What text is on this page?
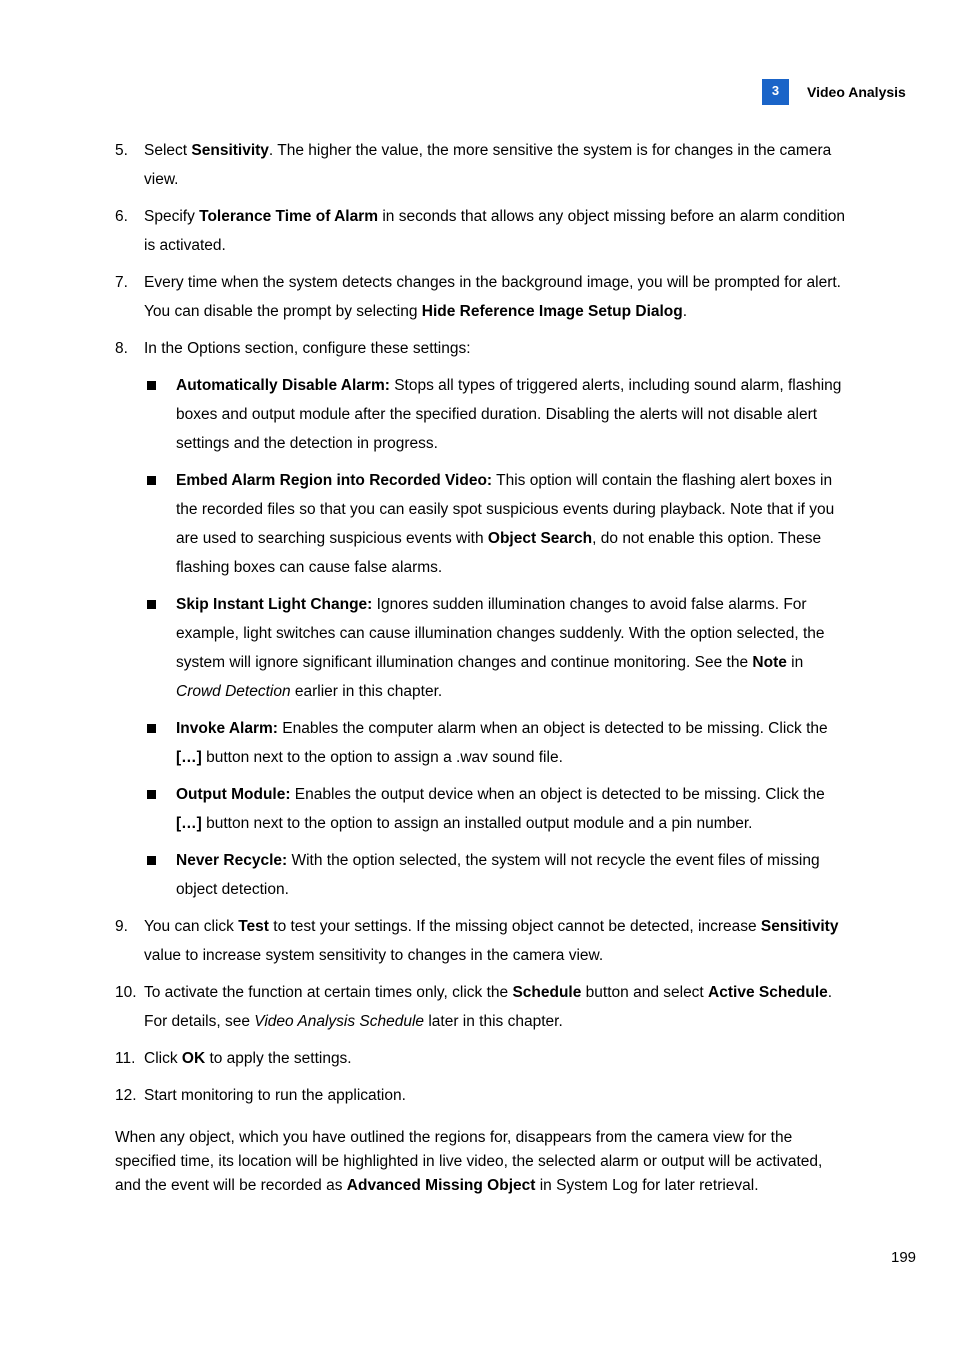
3	Video Analysis
5. Select Sensitivity. The higher the value, the more sensitive the system is for changes in the camera view.
6. Specify Tolerance Time of Alarm in seconds that allows any object missing before an alarm condition is activated.
7. Every time when the system detects changes in the background image, you will be prompted for alert. You can disable the prompt by selecting Hide Reference Image Setup Dialog.
8. In the Options section, configure these settings:
Automatically Disable Alarm: Stops all types of triggered alerts, including sound alarm, flashing boxes and output module after the specified duration. Disabling the alerts will not disable alert settings and the detection in progress.
Embed Alarm Region into Recorded Video: This option will contain the flashing alert boxes in the recorded files so that you can easily spot suspicious events during playback. Note that if you are used to searching suspicious events with Object Search, do not enable this option. These flashing boxes can cause false alarms.
Skip Instant Light Change: Ignores sudden illumination changes to avoid false alarms. For example, light switches can cause illumination changes suddenly. With the option selected, the system will ignore significant illumination changes and continue monitoring. See the Note in Crowd Detection earlier in this chapter.
Invoke Alarm: Enables the computer alarm when an object is detected to be missing. Click the […] button next to the option to assign a .wav sound file.
Output Module: Enables the output device when an object is detected to be missing. Click the […] button next to the option to assign an installed output module and a pin number.
Never Recycle: With the option selected, the system will not recycle the event files of missing object detection.
9. You can click Test to test your settings. If the missing object cannot be detected, increase Sensitivity value to increase system sensitivity to changes in the camera view.
10. To activate the function at certain times only, click the Schedule button and select Active Schedule. For details, see Video Analysis Schedule later in this chapter.
11. Click OK to apply the settings.
12. Start monitoring to run the application.
When any object, which you have outlined the regions for, disappears from the camera view for the specified time, its location will be highlighted in live video, the selected alarm or output will be activated, and the event will be recorded as Advanced Missing Object in System Log for later retrieval.
199
